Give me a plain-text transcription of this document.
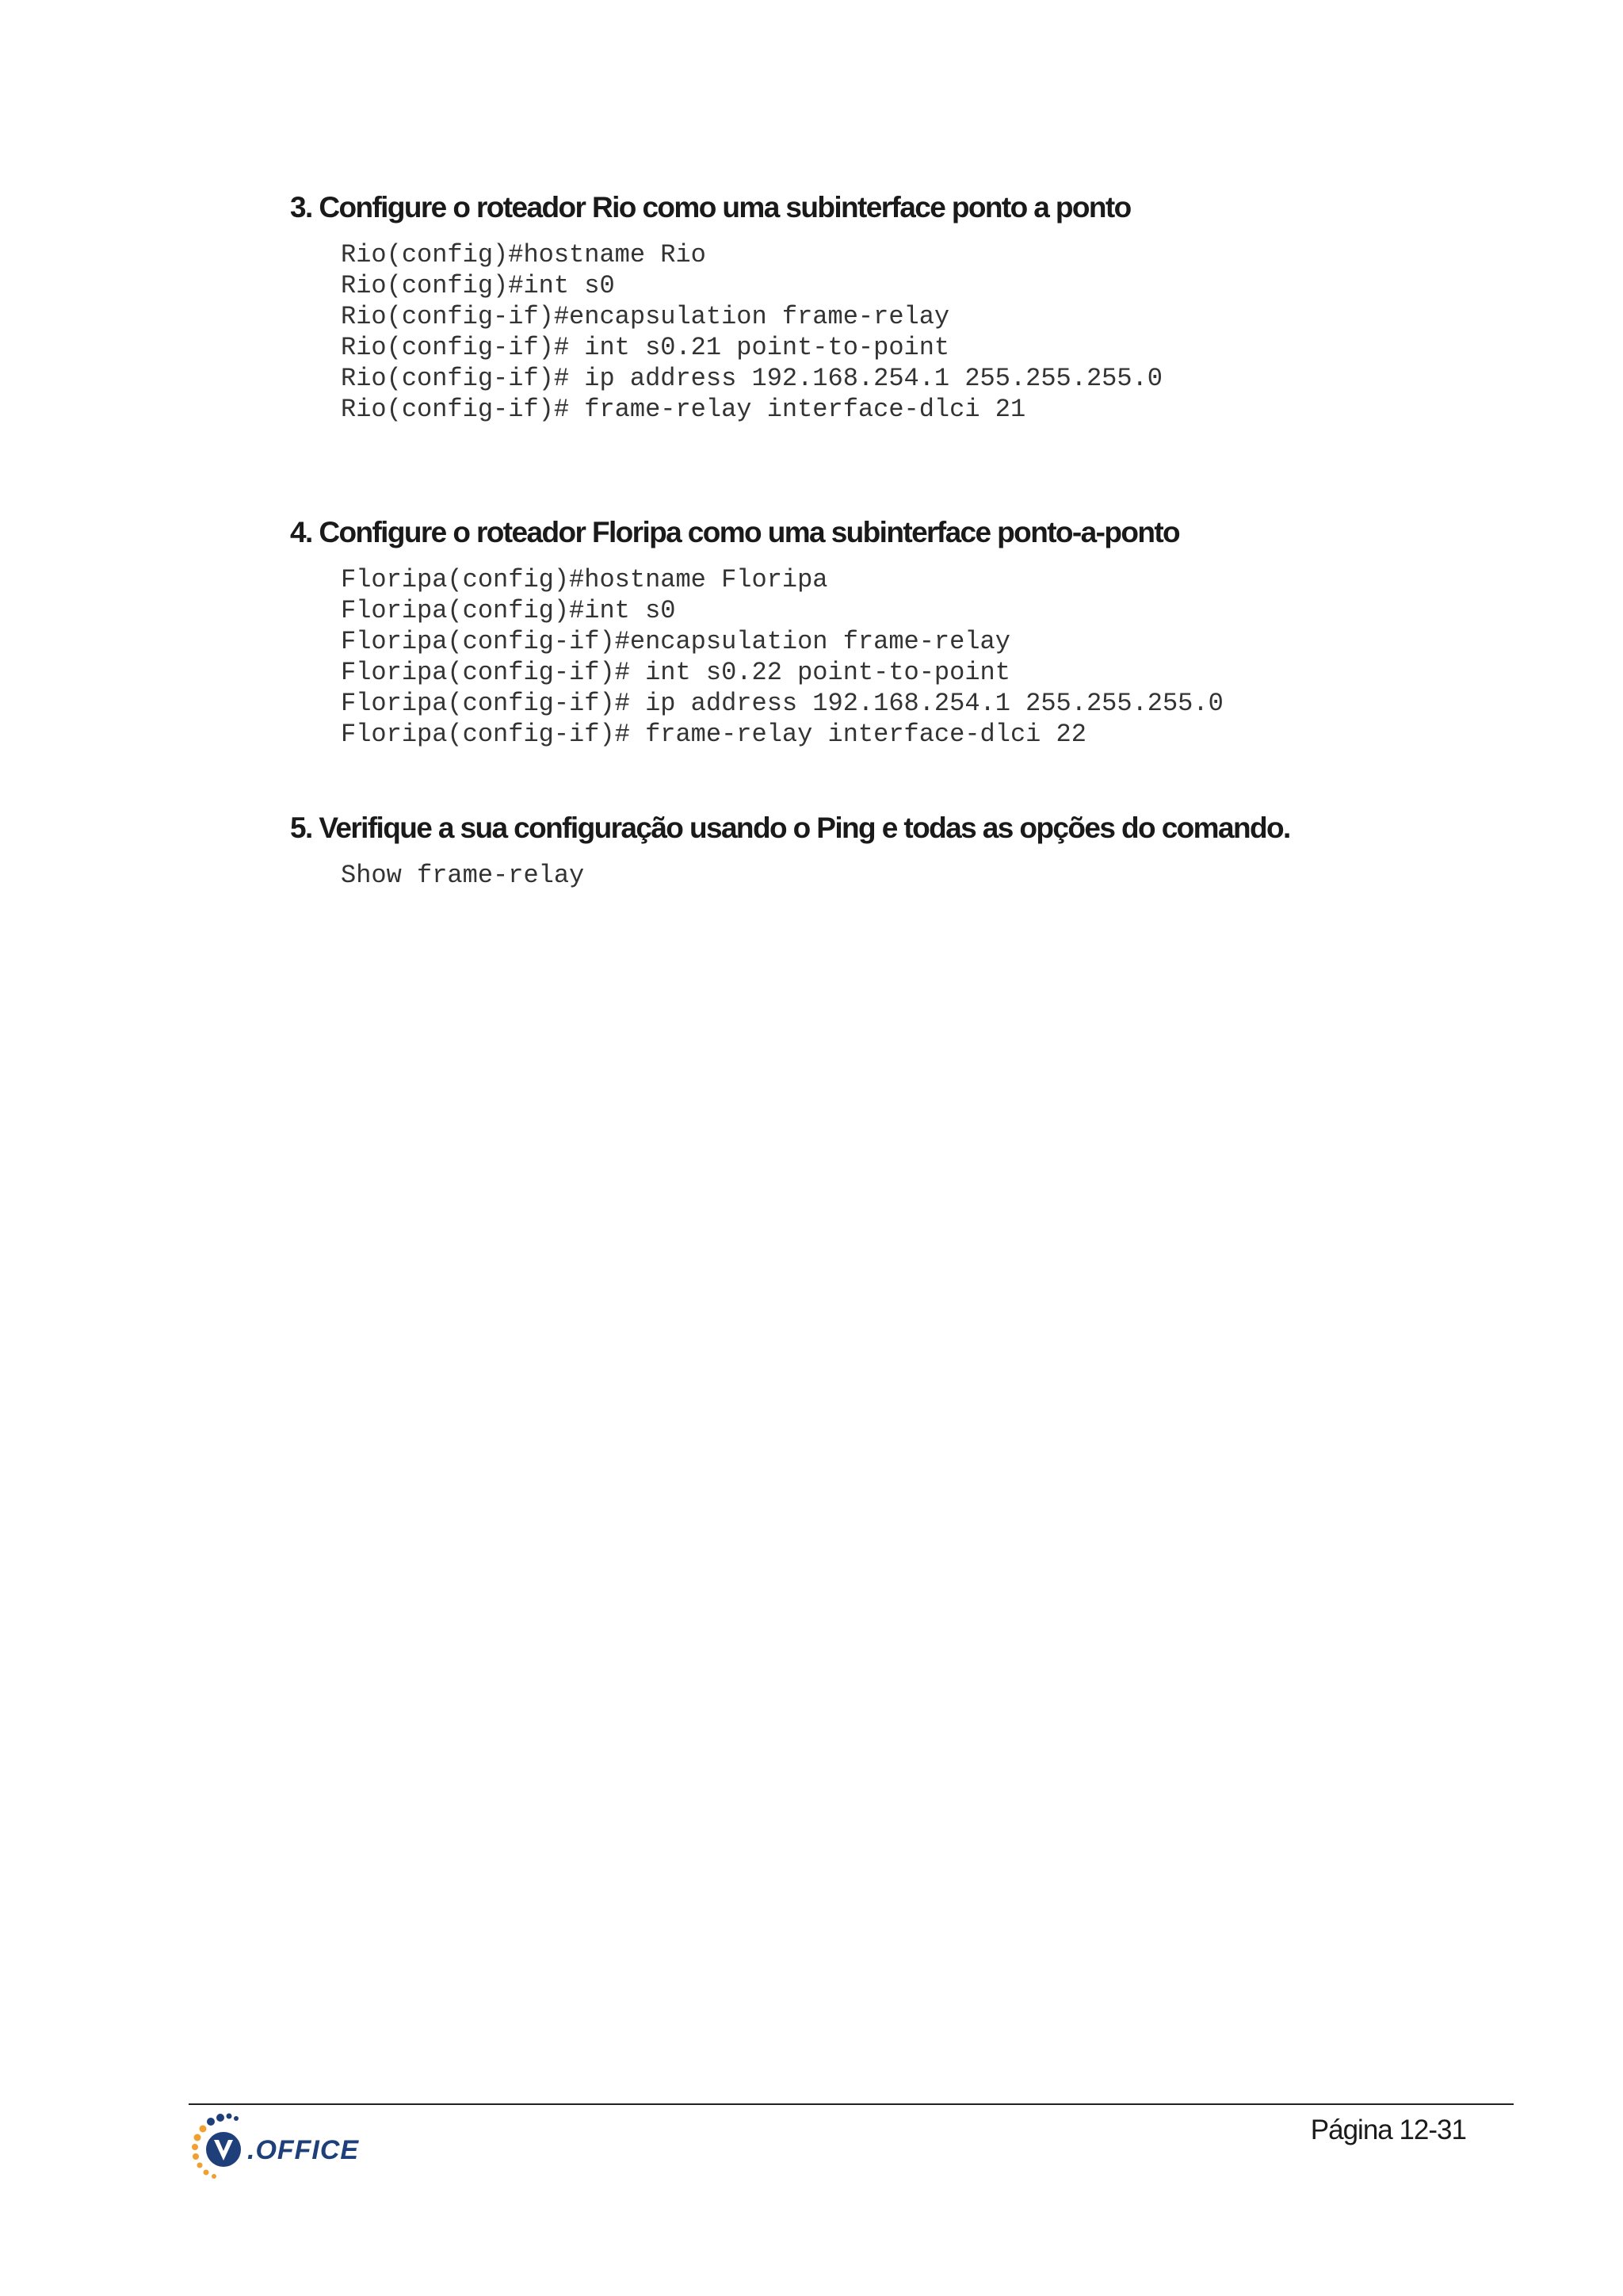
3. Configure o roteador Rio como uma subinterface ponto a ponto
Rio(config)#hostname Rio
Rio(config)#int s0
Rio(config-if)#encapsulation frame-relay
Rio(config-if)# int s0.21 point-to-point
Rio(config-if)# ip address 192.168.254.1 255.255.255.0
Rio(config-if)# frame-relay interface-dlci 21
4. Configure o roteador Floripa como uma subinterface ponto-a-ponto
Floripa(config)#hostname Floripa
Floripa(config)#int s0
Floripa(config-if)#encapsulation frame-relay
Floripa(config-if)# int s0.22 point-to-point
Floripa(config-if)# ip address 192.168.254.1 255.255.255.0
Floripa(config-if)# frame-relay interface-dlci 22
5. Verifique a sua configuração usando o Ping e todas as opções do comando.
Show frame-relay
.OFFICE
Página 12-31
